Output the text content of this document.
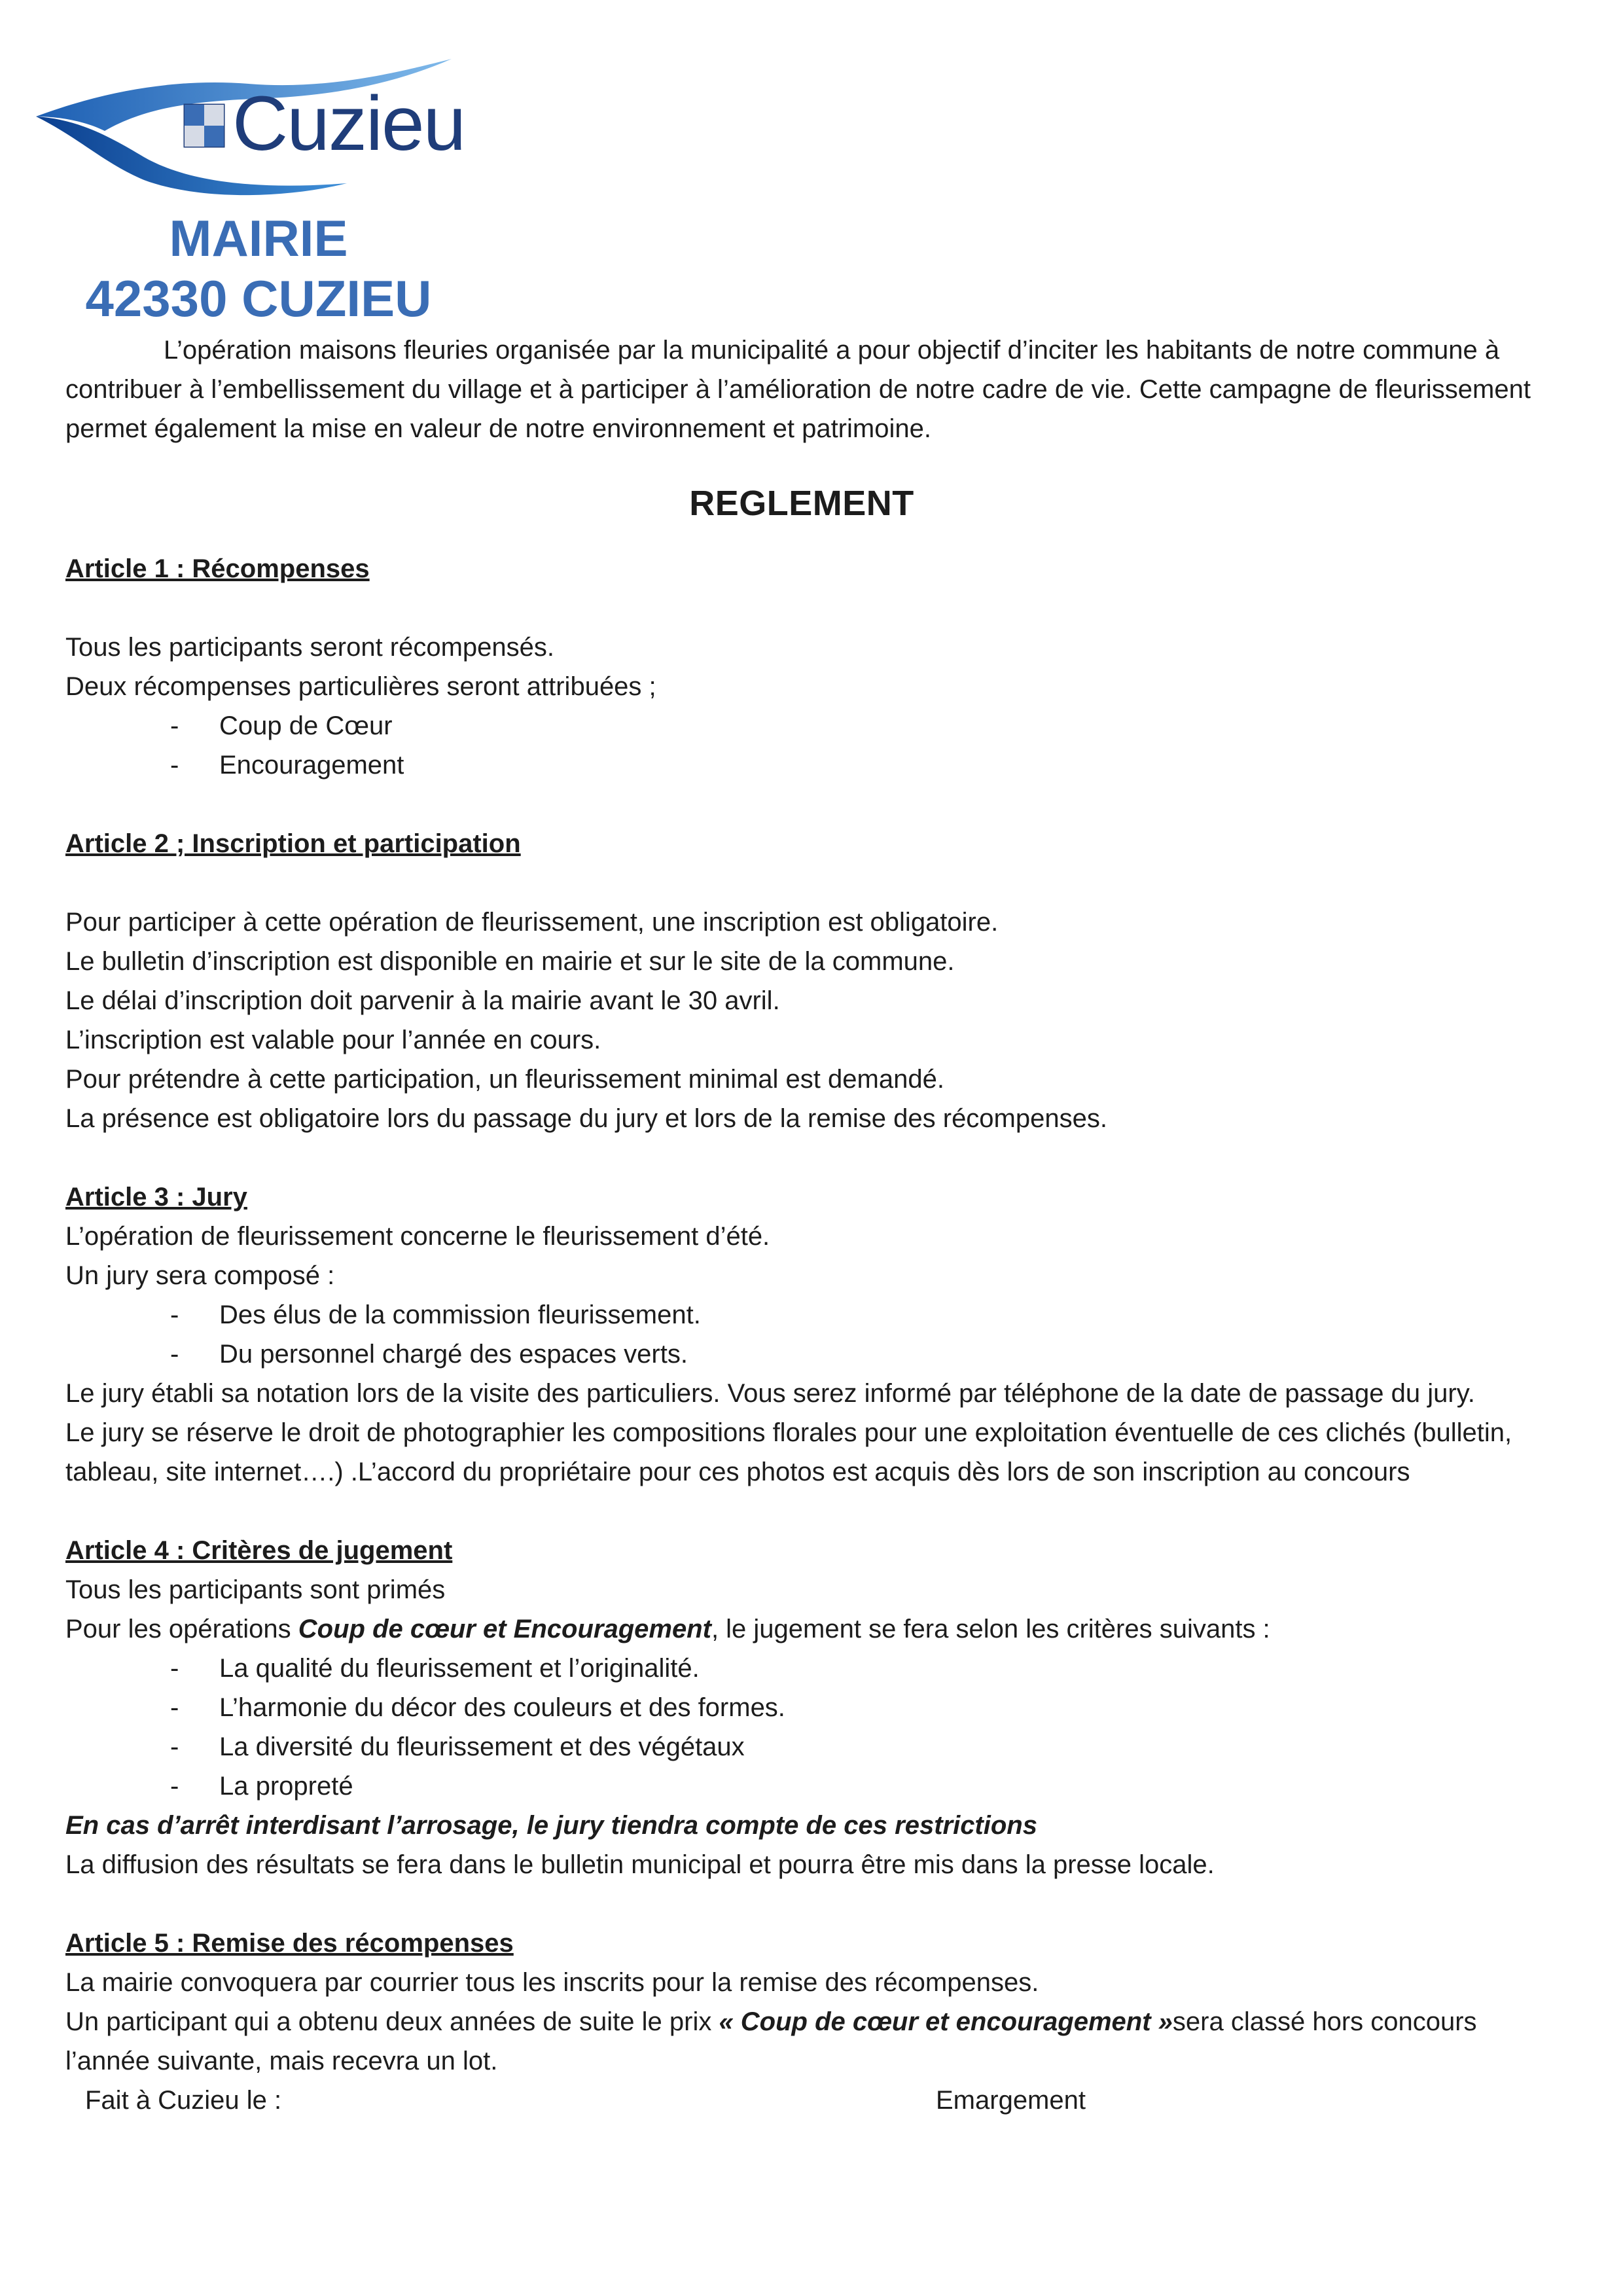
Cuzieu
MAIRIE
42330 CUZIEU

L’opération maisons fleuries organisée par la municipalité a pour objectif d’inciter les habitants de notre commune à contribuer à l’embellissement du village et à participer à l’amélioration de notre cadre de vie. Cette campagne de fleurissement permet également la mise en valeur de notre environnement et patrimoine.

REGLEMENT

Article 1 : Récompenses

Tous les participants seront récompensés.

Deux récompenses particulières seront attribuées ;

- Coup de Cœur
- Encouragement

Article 2 ; Inscription et participation

Pour participer à cette opération de fleurissement, une inscription est obligatoire.

Le bulletin d’inscription est disponible en mairie et sur le site de la commune.

Le délai d’inscription doit parvenir à la mairie avant le 30 avril.

L’inscription est valable pour l’année en cours.

Pour prétendre à cette participation, un fleurissement minimal est demandé.

La présence est obligatoire lors du passage du jury et lors de la remise des récompenses.

Article 3 : Jury

L’opération de fleurissement concerne le fleurissement d’été.

Un jury sera composé :

- Des élus de la commission fleurissement.
- Du personnel chargé des espaces verts.

Le jury établi sa notation lors de la visite des particuliers. Vous serez informé par téléphone de la date de passage du jury.

Le jury se réserve le droit de photographier les compositions florales pour une exploitation éventuelle de ces clichés (bulletin, tableau, site internet….) .L’accord du propriétaire pour ces photos est acquis dès lors de son inscription au concours

Article 4 : Critères de jugement

Tous les participants sont primés

Pour les opérations Coup de cœur et Encouragement, le jugement se fera selon les critères suivants :

- La qualité du fleurissement et l’originalité.
- L’harmonie du décor des couleurs et des formes.
- La diversité du fleurissement et des végétaux
- La propreté

En cas d’arrêt interdisant l’arrosage, le jury tiendra compte de ces restrictions

La diffusion des résultats se fera dans le bulletin municipal et pourra être mis dans la presse locale.

Article 5 : Remise des récompenses

La mairie convoquera par courrier tous les inscrits pour la remise des récompenses.

Un participant qui a obtenu deux années de suite le prix « Coup de cœur et encouragement »sera classé hors concours l’année suivante, mais recevra un lot.

Fait à Cuzieu le :	Emargement
